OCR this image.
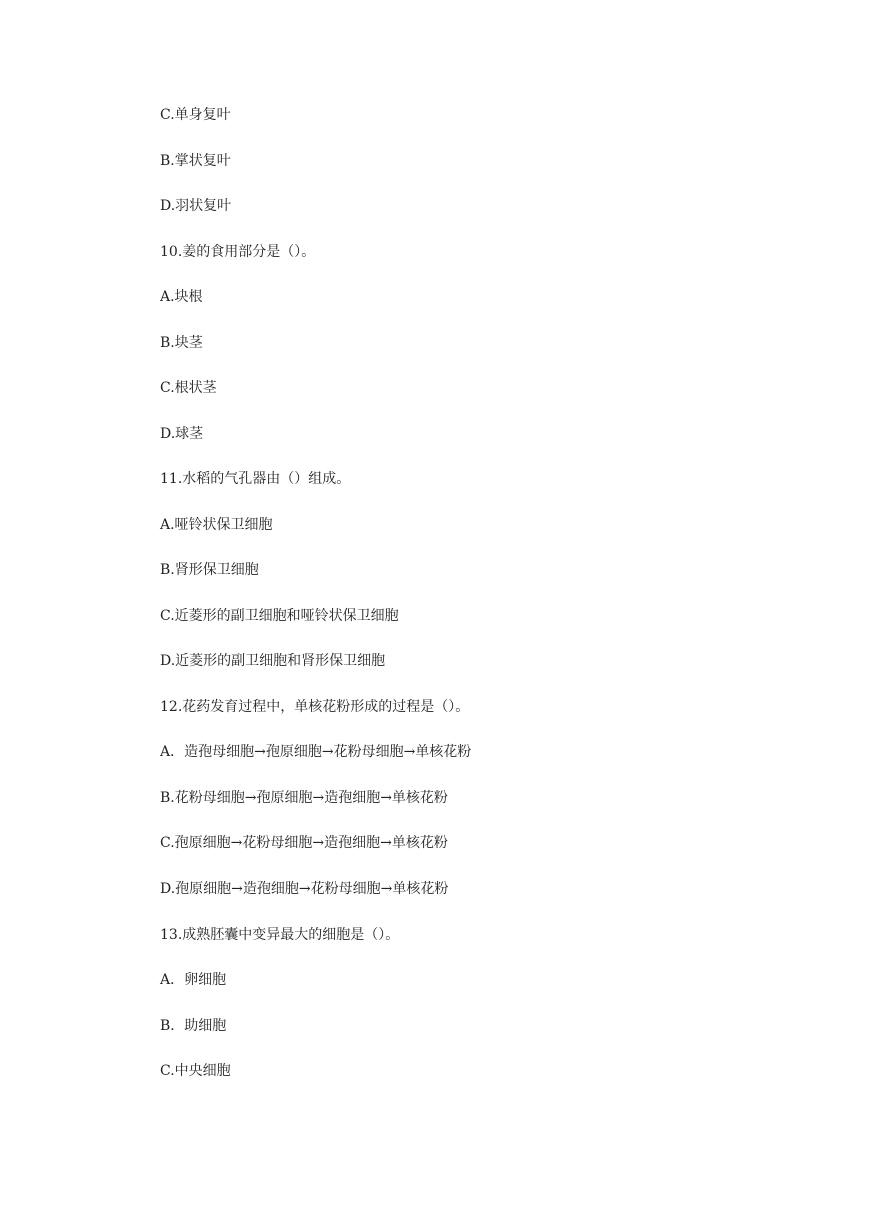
C.单身复叶

B.掌状复叶

D.羽状复叶

10.姜的食用部分是（）。

A.块根

B.块茎

C.根状茎

D.球茎

11.水稻的气孔器由（）组成。

A.哑铃状保卫细胞

B.肾形保卫细胞

C.近菱形的副卫细胞和哑铃状保卫细胞

D.近菱形的副卫细胞和肾形保卫细胞

12.花药发育过程中，单核花粉形成的过程是（）。

A．造孢母细胞→孢原细胞→花粉母细胞→单核花粉

B.花粉母细胞→孢原细胞→造孢细胞→单核花粉

C.孢原细胞→花粉母细胞→造孢细胞→单核花粉

D.孢原细胞→造孢细胞→花粉母细胞→单核花粉

13.成熟胚囊中变异最大的细胞是（）。

A．卵细胞

B．助细胞

C.中央细胞
